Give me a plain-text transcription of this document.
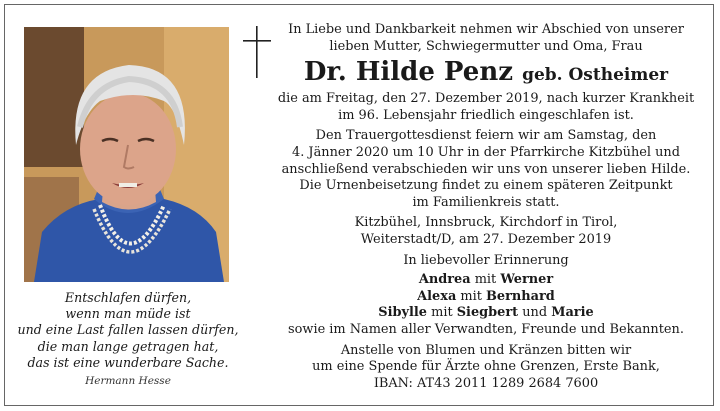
Entschlafen dürfen,
wenn man müde ist
und eine Last fallen lassen dürfen,
die man lange getragen hat,
das ist eine wunderbare Sache.
Hermann Hesse
In Liebe und Dankbarkeit nehmen wir Abschied von unserer
lieben Mutter, Schwiegermutter und Oma, Frau
Dr. Hilde Penz geb. Ostheimer
die am Freitag, den 27. Dezember 2019, nach kurzer Krankheit
im 96. Lebensjahr friedlich eingeschlafen ist.
Den Trauergottesdienst feiern wir am Samstag, den
4. Jänner 2020 um 10 Uhr in der Pfarrkirche Kitzbühel und
anschließend verabschieden wir uns von unserer lieben Hilde.
Die Urnenbeisetzung findet zu einem späteren Zeitpunkt
im Familienkreis statt.
Kitzbühel, Innsbruck, Kirchdorf in Tirol,
Weiterstadt/D, am 27. Dezember 2019
In liebevoller Erinnerung
Andrea mit Werner
Alexa mit Bernhard
Sibylle mit Siegbert und Marie
sowie im Namen aller Verwandten, Freunde und Bekannten.
Anstelle von Blumen und Kränzen bitten wir
um eine Spende für Ärzte ohne Grenzen, Erste Bank,
IBAN: AT43 2011 1289 2684 7600
